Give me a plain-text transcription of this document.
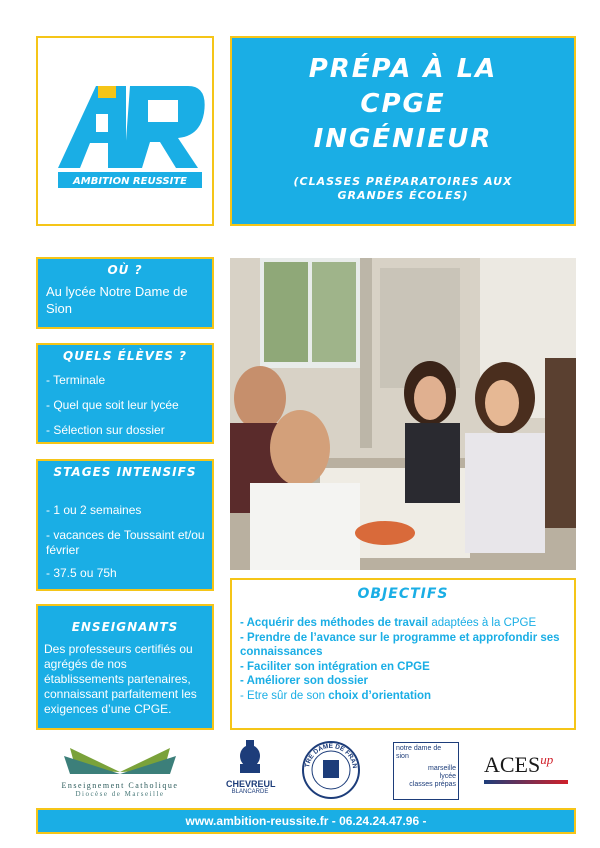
AMBITION REUSSITE
PRÉPA À LA
CPGE
INGÉNIEUR
(CLASSES PRÉPARATOIRES AUX
GRANDES ÉCOLES)
OÙ ?
Au lycée Notre Dame de Sion
QUELS ÉLÈVES ?
- Terminale
- Quel que soit leur lycée
- Sélection sur dossier
STAGES INTENSIFS
- 1 ou 2 semaines
- vacances de Toussaint et/ou février
- 37.5 ou 75h
ENSEIGNANTS
Des professeurs certifiés ou agrégés de nos établissements partenaires, connaissant parfaitement les exigences d’une CPGE.
OBJECTIFS
- Acquérir des méthodes de travail adaptées à la CPGE
- Prendre de l’avance sur le programme et approfondir ses connaissances
- Faciliter son intégration en CPGE
- Améliorer son dossier
- Etre sûr de son choix d’orientation
Enseignement Catholique
Diocèse de Marseille
CHEVREUL
BLANCARDE
TRE DAME DE FRAN
notre dame de
sion
marseille
lycée
classes prépas
$ACES^{up}$
www.ambition-reussite.fr - 06.24.24.47.96 -
